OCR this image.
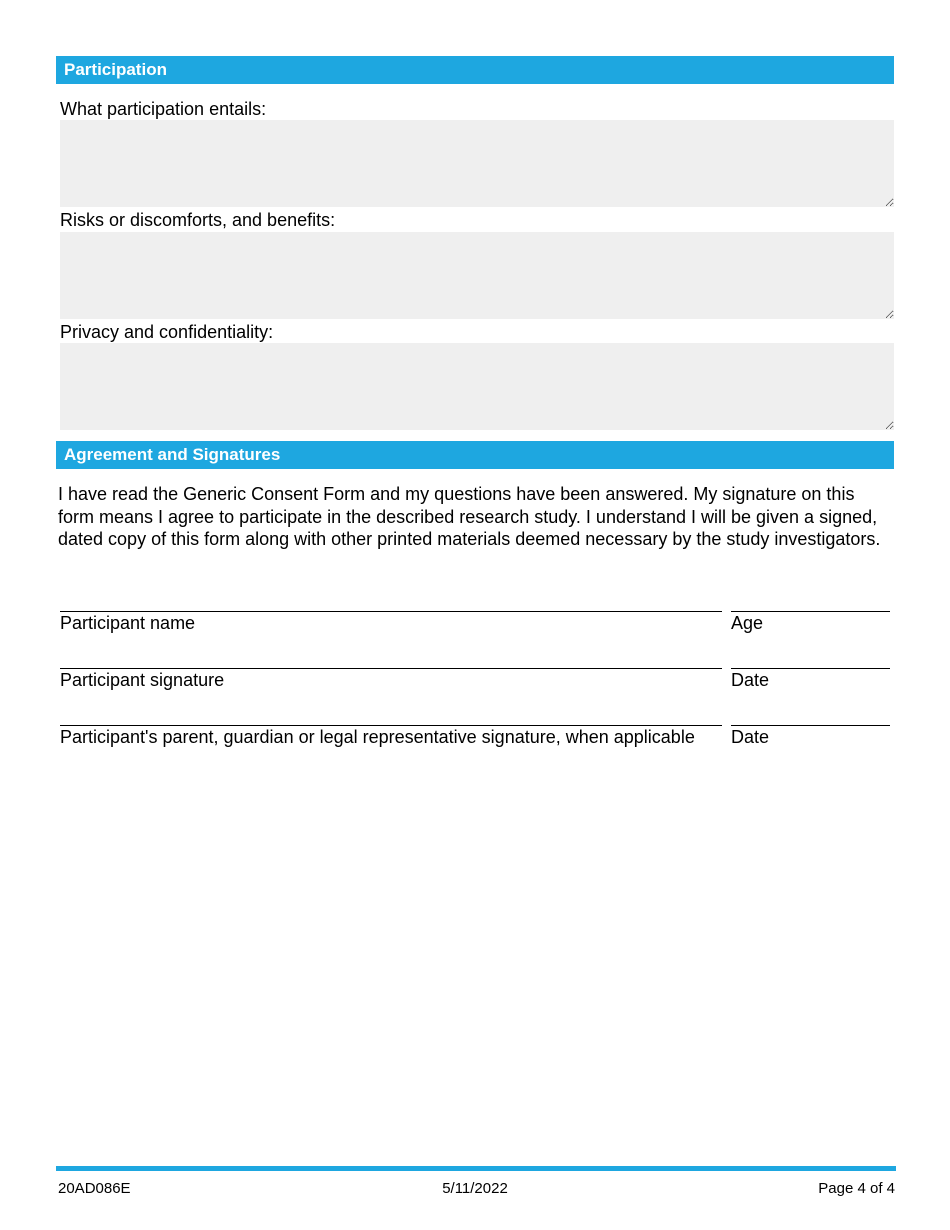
Participation
What participation entails:
Risks or discomforts, and benefits:
Privacy and confidentiality:
Agreement and Signatures
I have read the Generic Consent Form and my questions have been answered. My signature on this form means I agree to participate in the described research study. I understand I will be given a signed, dated copy of this form along with other printed materials deemed necessary by the study investigators.
Participant name	Age
Participant signature	Date
Participant's parent, guardian or legal representative signature, when applicable Date
20AD086E	5/11/2022	Page 4 of 4
